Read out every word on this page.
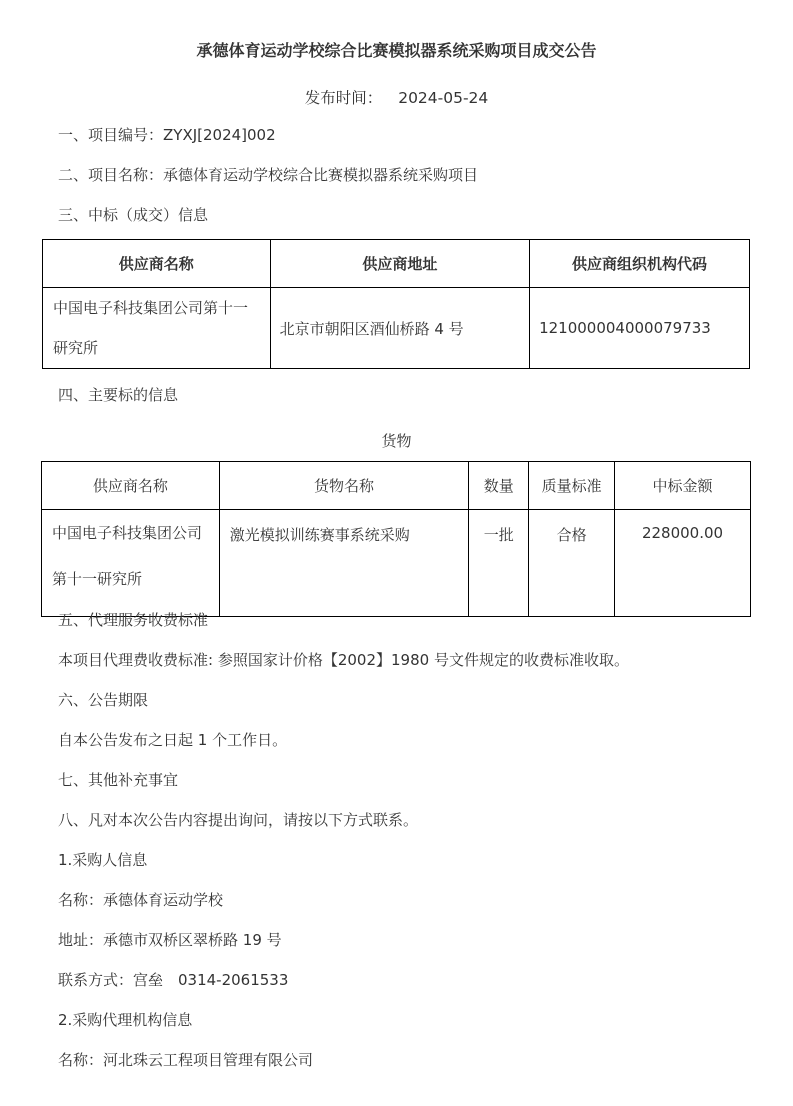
承德体育运动学校综合比赛模拟器系统采购项目成交公告
发布时间： 2024-05-24
一、项目编号：ZYXJ[2024]002
二、项目名称：承德体育运动学校综合比赛模拟器系统采购项目
三、中标（成交）信息
供应商名称	供应商地址	供应商组织机构代码

中国电子科技集团公司第十一
研究所	北京市朝阳区酒仙桥路 4 号	121000004000079733
四、主要标的信息
货物
供应商名称	货物名称	数量	质量标准	中标金额

中国电子科技集团公司
第十一研究所	激光模拟训练赛事系统采购	一批	合格	228000.00
五、代理服务收费标准
本项目代理费收费标准: 参照国家计价格【2002】1980 号文件规定的收费标准收取。
六、公告期限
自本公告发布之日起 1 个工作日。
七、其他补充事宜
八、凡对本次公告内容提出询问，请按以下方式联系。
1.采购人信息
名称：承德体育运动学校
地址：承德市双桥区翠桥路 19 号
联系方式：宫垒　0314-2061533
2.采购代理机构信息
名称：河北珠云工程项目管理有限公司
